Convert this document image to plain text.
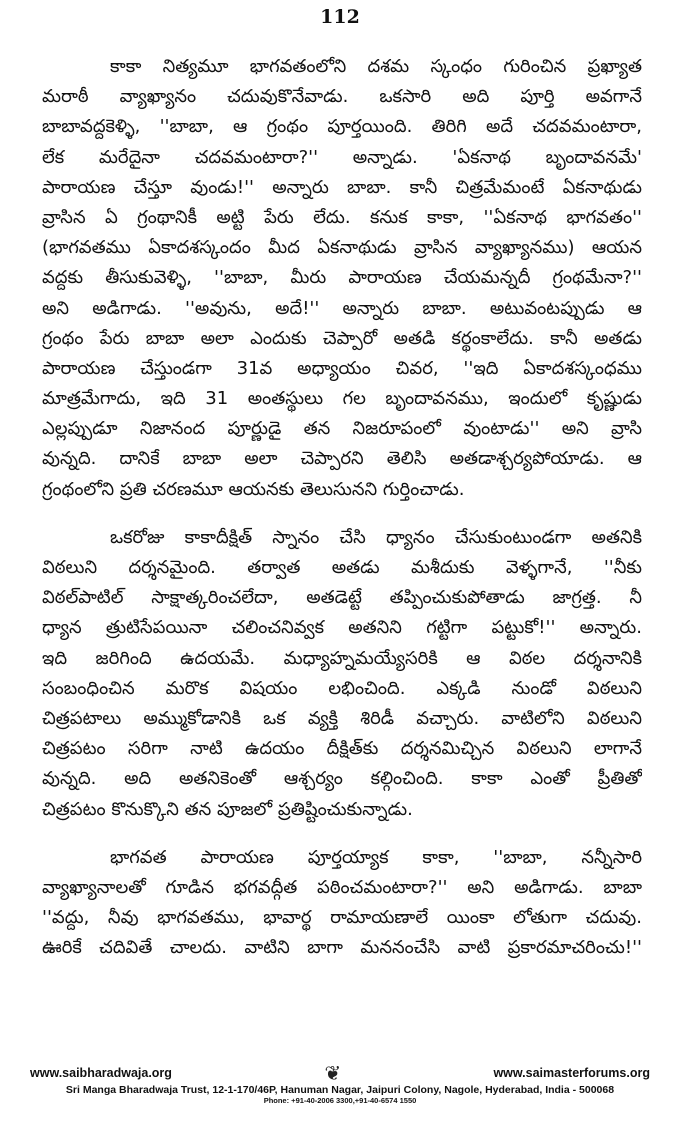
112
కాకా నిత్యమూ భాగవతంలోని దశమ స్కంధం గురించిన ప్రఖ్యాత
మరాఠీ వ్యాఖ్యానం చదువుకొనేవాడు. ఒకసారి అది పూర్తి అవగానే
బాబావద్దకెళ్ళి, ''బాబా, ఆ గ్రంథం పూర్తయింది. తిరిగి అదే చదవమంటారా,
లేక మరేదైనా చదవమంటారా?'' అన్నాడు. 'ఏకనాథ బృందావనమే'
పారాయణ చేస్తూ వుండు!'' అన్నారు బాబా. కానీ చిత్రమేమంటే ఏకనాథుడు
వ్రాసిన ఏ గ్రంథానికీ అట్టి పేరు లేదు. కనుక కాకా, ''ఏకనాథ భాగవతం''
(భాగవతము ఏకాదశస్కందం మీద ఏకనాథుడు వ్రాసిన వ్యాఖ్యానము) ఆయన
వద్దకు తీసుకువెళ్ళి, ''బాబా, మీరు పారాయణ చేయమన్నదీ గ్రంథమేనా?''
అని అడిగాడు. ''అవును, అదే!'' అన్నారు బాబా. అటువంటప్పుడు ఆ
గ్రంథం పేరు బాబా అలా ఎందుకు చెప్పారో అతడి కర్థంకాలేదు. కానీ అతడు
పారాయణ చేస్తుండగా 31వ అధ్యాయం చివర, ''ఇది ఏకాదశస్కంధము
మాత్రమేగాదు, ఇది 31 అంతస్థులు గల బృందావనము, ఇందులో కృష్ణుడు
ఎల్లప్పుడూ నిజానంద పూర్ణుడై తన నిజరూపంలో వుంటాడు'' అని వ్రాసి
వున్నది. దానికే బాబా అలా చెప్పారని తెలిసి అతడాశ్చర్యపోయాడు. ఆ
గ్రంథంలోని ప్రతి చరణమూ ఆయనకు తెలుసునని గుర్తించాడు.
ఒకరోజు కాకాదీక్షిత్ స్నానం చేసి ధ్యానం చేసుకుంటుండగా అతనికి
విఠలుని దర్శనమైంది. తర్వాత అతడు మశీదుకు వెళ్ళగానే, ''నీకు
విఠల్‌పాటిల్ సాక్షాత్కరించలేదా, అతడెట్టే తప్పించుకుపోతాడు జాగ్రత్త. నీ
ధ్యాన త్రుటిసేపయినా చలించనివ్వక అతనిని గట్టిగా పట్టుకో!'' అన్నారు.
ఇది జరిగింది ఉదయమే. మధ్యాహ్నమయ్యేసరికి ఆ విఠల దర్శనానికి
సంబంధించిన మరొక విషయం లభించింది. ఎక్కడి నుండో విఠలుని
చిత్రపటాలు అమ్ముకోడానికి ఒక వ్యక్తి శిరిడీ వచ్చారు. వాటిలోని విఠలుని
చిత్రపటం సరిగా నాటి ఉదయం దీక్షిత్‌కు దర్శనమిచ్చిన విఠలుని లాగానే
వున్నది. అది అతనికెంతో ఆశ్చర్యం కల్గించింది. కాకా ఎంతో ప్రీతితో
చిత్రపటం కొనుక్కొని తన పూజలో ప్రతిష్టించుకున్నాడు.
భాగవత పారాయణ పూర్తయ్యాక కాకా, ''బాబా, నన్నీసారి
వ్యాఖ్యానాలతో గూడిన భగవద్గీత పఠించమంటారా?'' అని అడిగాడు. బాబా
''వద్దు, నీవు భాగవతము, భావార్థ రామాయణాలే యింకా లోతుగా చదువు.
ఊరికే చదివితే చాలదు. వాటిని బాగా మననంచేసి వాటి ప్రకారమాచరించు!''
www.saibharadwaja.org	❦	www.saimasterforums.org
Sri Manga Bharadwaja Trust, 12-1-170/46P, Hanuman Nagar, Jaipuri Colony, Nagole, Hyderabad, India - 500068
Phone: +91-40-2006 3300,+91-40-6574 1550
